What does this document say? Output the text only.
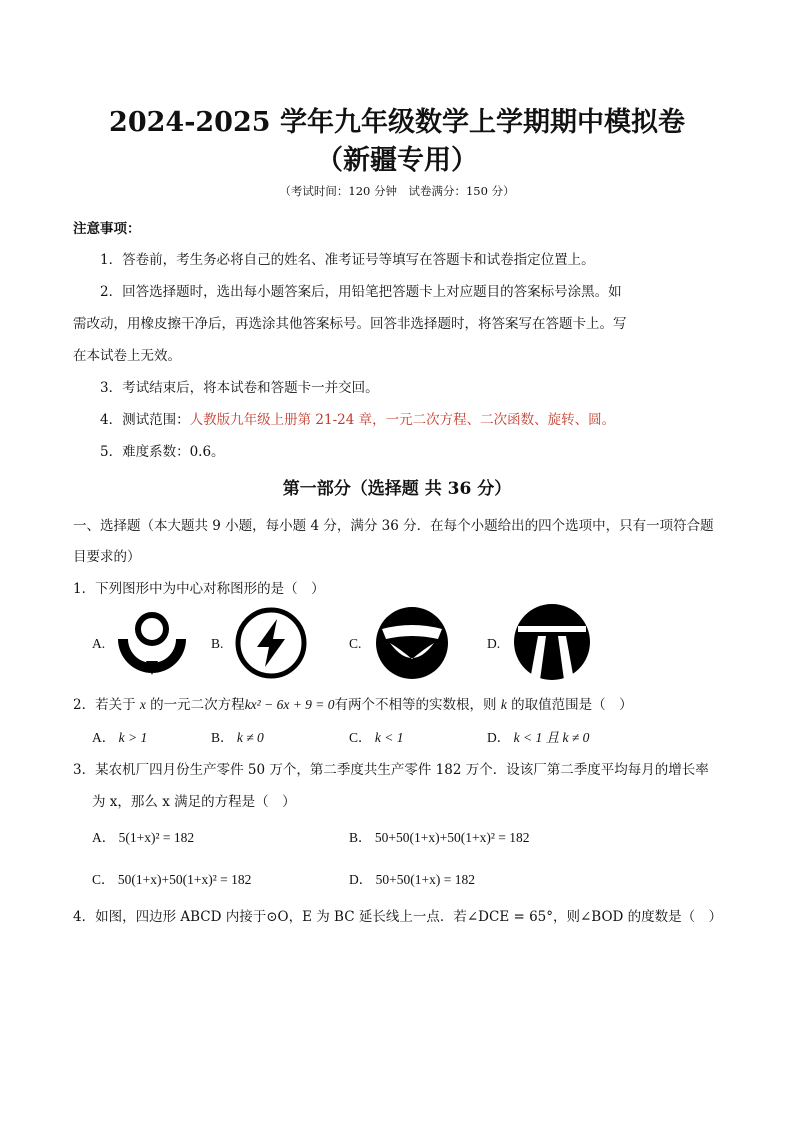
2024-2025 学年九年级数学上学期期中模拟卷
（新疆专用）
（考试时间：120 分钟　试卷满分：150 分）
注意事项：
1．答卷前，考生务必将自己的姓名、准考证号等填写在答题卡和试卷指定位置上。
2．回答选择题时，选出每小题答案后，用铅笔把答题卡上对应题目的答案标号涂黑。如
需改动，用橡皮擦干净后，再选涂其他答案标号。回答非选择题时，将答案写在答题卡上。写
在本试卷上无效。
3．考试结束后，将本试卷和答题卡一并交回。
4．测试范围：人教版九年级上册第 21-24 章，一元二次方程、二次函数、旋转、圆。
5．难度系数：0.6。
第一部分（选择题 共 36 分）
一、选择题（本大题共 9 小题，每小题 4 分，满分 36 分．在每个小题给出的四个选项中，只有一项符合题
目要求的）
1．下列图形中为中心对称图形的是（　）
A.	B.	C.	D.
2．若关于 x 的一元二次方程kx² − 6x + 9 = 0有两个不相等的实数根，则 k 的取值范围是（　）
A． k > 1	B． k ≠ 0	C． k < 1	D． k < 1 且 k ≠ 0
3．某农机厂四月份生产零件 50 万个，第二季度共生产零件 182 万个．设该厂第二季度平均每月的增长率
为 x，那么 x 满足的方程是（　）
A． 5(1+x)² = 182	B． 50+50(1+x)+50(1+x)² = 182
C． 50(1+x)+50(1+x)² = 182	D． 50+50(1+x) = 182
4．如图，四边形 ABCD 内接于⊙O，E 为 BC 延长线上一点．若∠DCE = 65°，则∠BOD 的度数是（　）
